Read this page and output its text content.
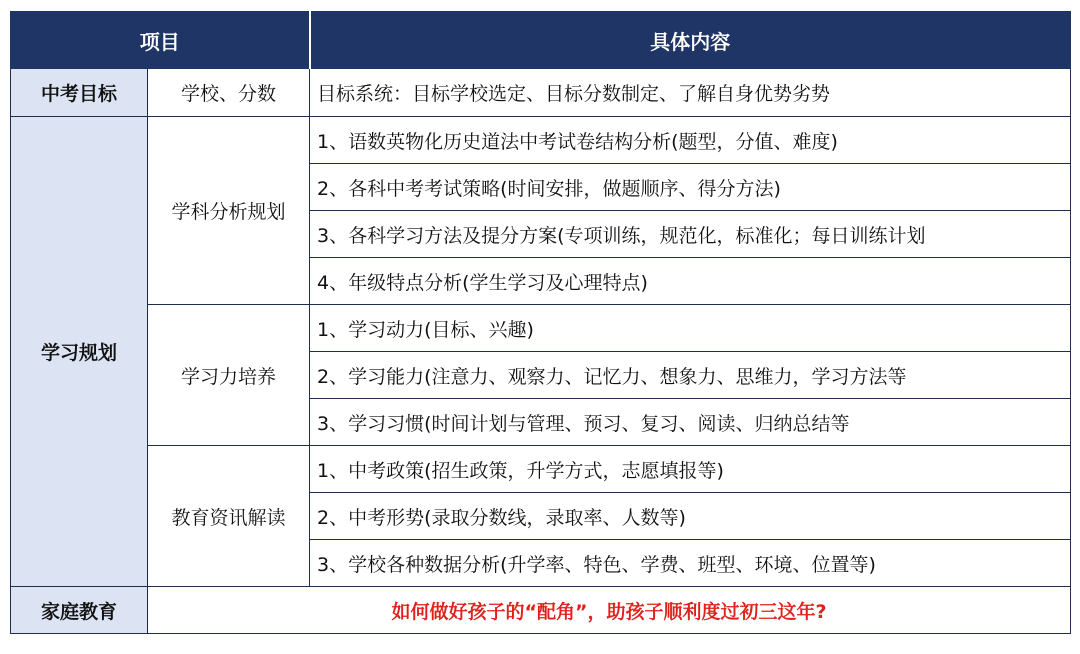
项目		具体内容
中考目标	学校、分数	目标系统：目标学校选定、目标分数制定、了解自身优势劣势
学习规划	学科分析规划	1、语数英物化历史道法中考试卷结构分析(题型，分值、难度)
		2、各科中考考试策略(时间安排，做题顺序、得分方法)
		3、各科学习方法及提分方案(专项训练，规范化，标准化；每日训练计划
		4、年级特点分析(学生学习及心理特点)
	学习力培养	1、学习动力(目标、兴趣)
		2、学习能力(注意力、观察力、记忆力、想象力、思维力，学习方法等
		3、学习习惯(时间计划与管理、预习、复习、阅读、归纳总结等
	教育资讯解读	1、中考政策(招生政策，升学方式，志愿填报等)
		2、中考形势(录取分数线，录取率、人数等)
		3、学校各种数据分析(升学率、特色、学费、班型、环境、位置等)
家庭教育	如何做好孩子的“配角”，助孩子顺利度过初三这年?	
